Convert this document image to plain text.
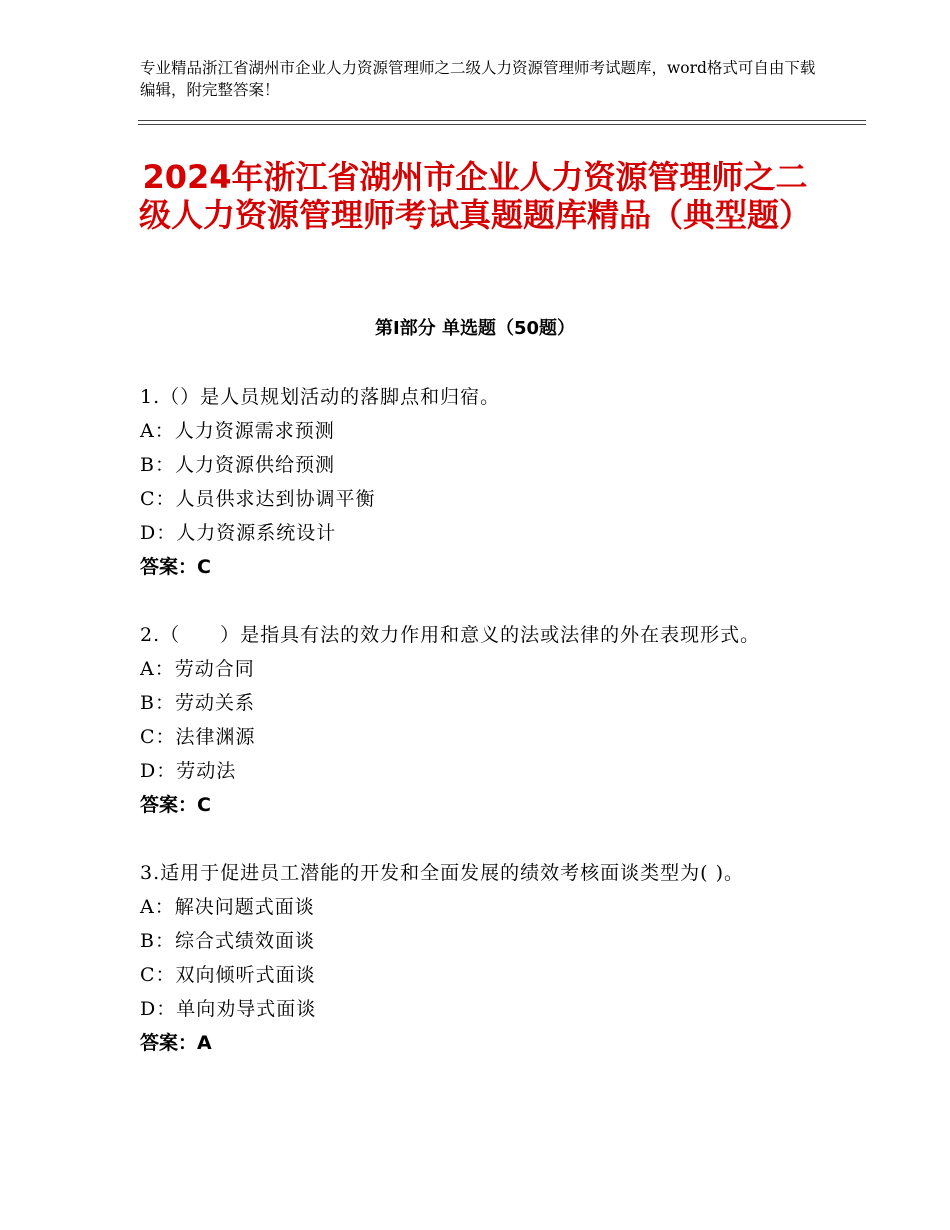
专业精品浙江省湖州市企业人力资源管理师之二级人力资源管理师考试题库，word格式可自由下载编辑，附完整答案！
2024年浙江省湖州市企业人力资源管理师之二级人力资源管理师考试真题题库精品（典型题）
第Ⅰ部分 单选题（50题）
1.（）是人员规划活动的落脚点和归宿。
A：人力资源需求预测
B：人力资源供给预测
C：人员供求达到协调平衡
D：人力资源系统设计
答案：C
2.（　　）是指具有法的效力作用和意义的法或法律的外在表现形式。
A：劳动合同
B：劳动关系
C：法律渊源
D：劳动法
答案：C
3.适用于促进员工潜能的开发和全面发展的绩效考核面谈类型为( )。
A：解决问题式面谈
B：综合式绩效面谈
C：双向倾听式面谈
D：单向劝导式面谈
答案：A
